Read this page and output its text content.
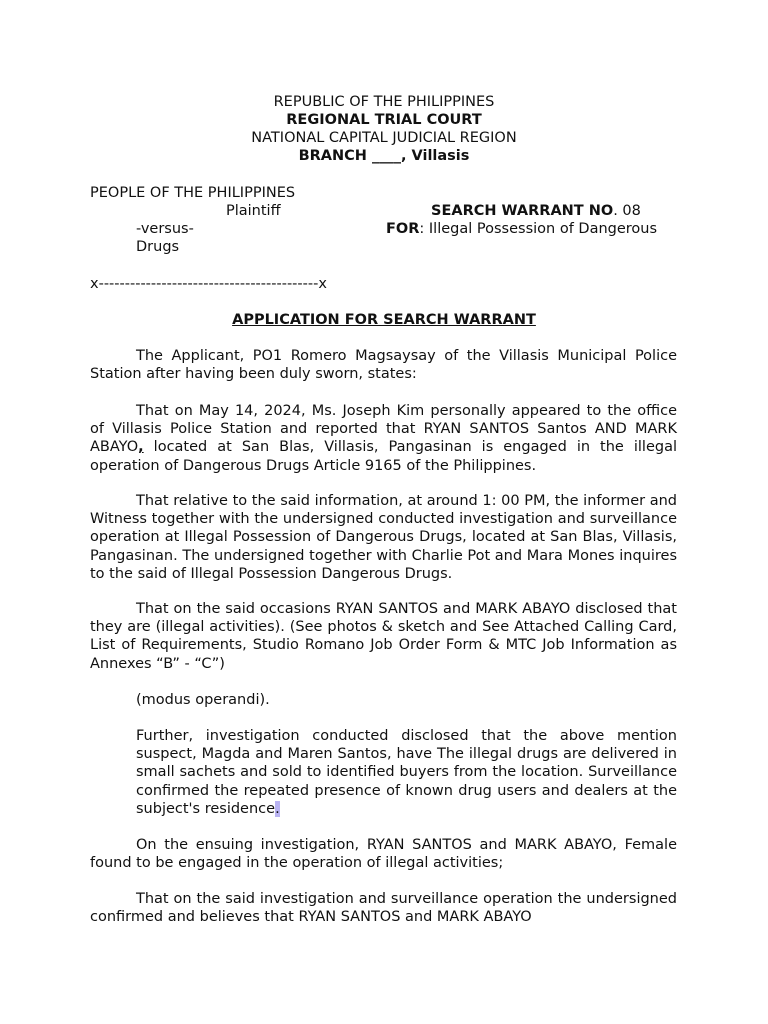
REPUBLIC OF THE PHILIPPINES
REGIONAL TRIAL COURT
NATIONAL CAPITAL JUDICIAL REGION
BRANCH ____, Villasis
PEOPLE OF THE PHILIPPINES
Plaintiff
-versus-
Drugs
SEARCH WARRANT NO. 08
FOR: Illegal Possession of Dangerous
x------------------------------------------x
APPLICATION FOR SEARCH WARRANT
The Applicant, PO1 Romero Magsaysay of the Villasis Municipal Police Station after having been duly sworn, states:
That on May 14, 2024, Ms. Joseph Kim personally appeared to the office of Villasis Police Station and reported that RYAN SANTOS Santos AND MARK ABAYO, located at San Blas, Villasis, Pangasinan is engaged in the illegal operation of Dangerous Drugs Article 9165 of the Philippines.
That relative to the said information, at around 1: 00 PM, the informer and Witness together with the undersigned conducted investigation and surveillance operation at Illegal Possession of Dangerous Drugs, located at San Blas, Villasis, Pangasinan. The undersigned together with Charlie Pot and Mara Mones inquires to the said of Illegal Possession Dangerous Drugs.
That on the said occasions RYAN SANTOS and MARK ABAYO disclosed that they are (illegal activities). (See photos & sketch and See Attached Calling Card, List of Requirements, Studio Romano Job Order Form & MTC Job Information as Annexes “B” - “C”)
(modus operandi).
Further, investigation conducted disclosed that the above mention suspect, Magda and Maren Santos, have The illegal drugs are delivered in small sachets and sold to identified buyers from the location. Surveillance confirmed the repeated presence of known drug users and dealers at the subject's residence.
On the ensuing investigation, RYAN SANTOS and MARK ABAYO, Female found to be engaged in the operation of illegal activities;
That on the said investigation and surveillance operation the undersigned confirmed and believes that RYAN SANTOS and MARK ABAYO
